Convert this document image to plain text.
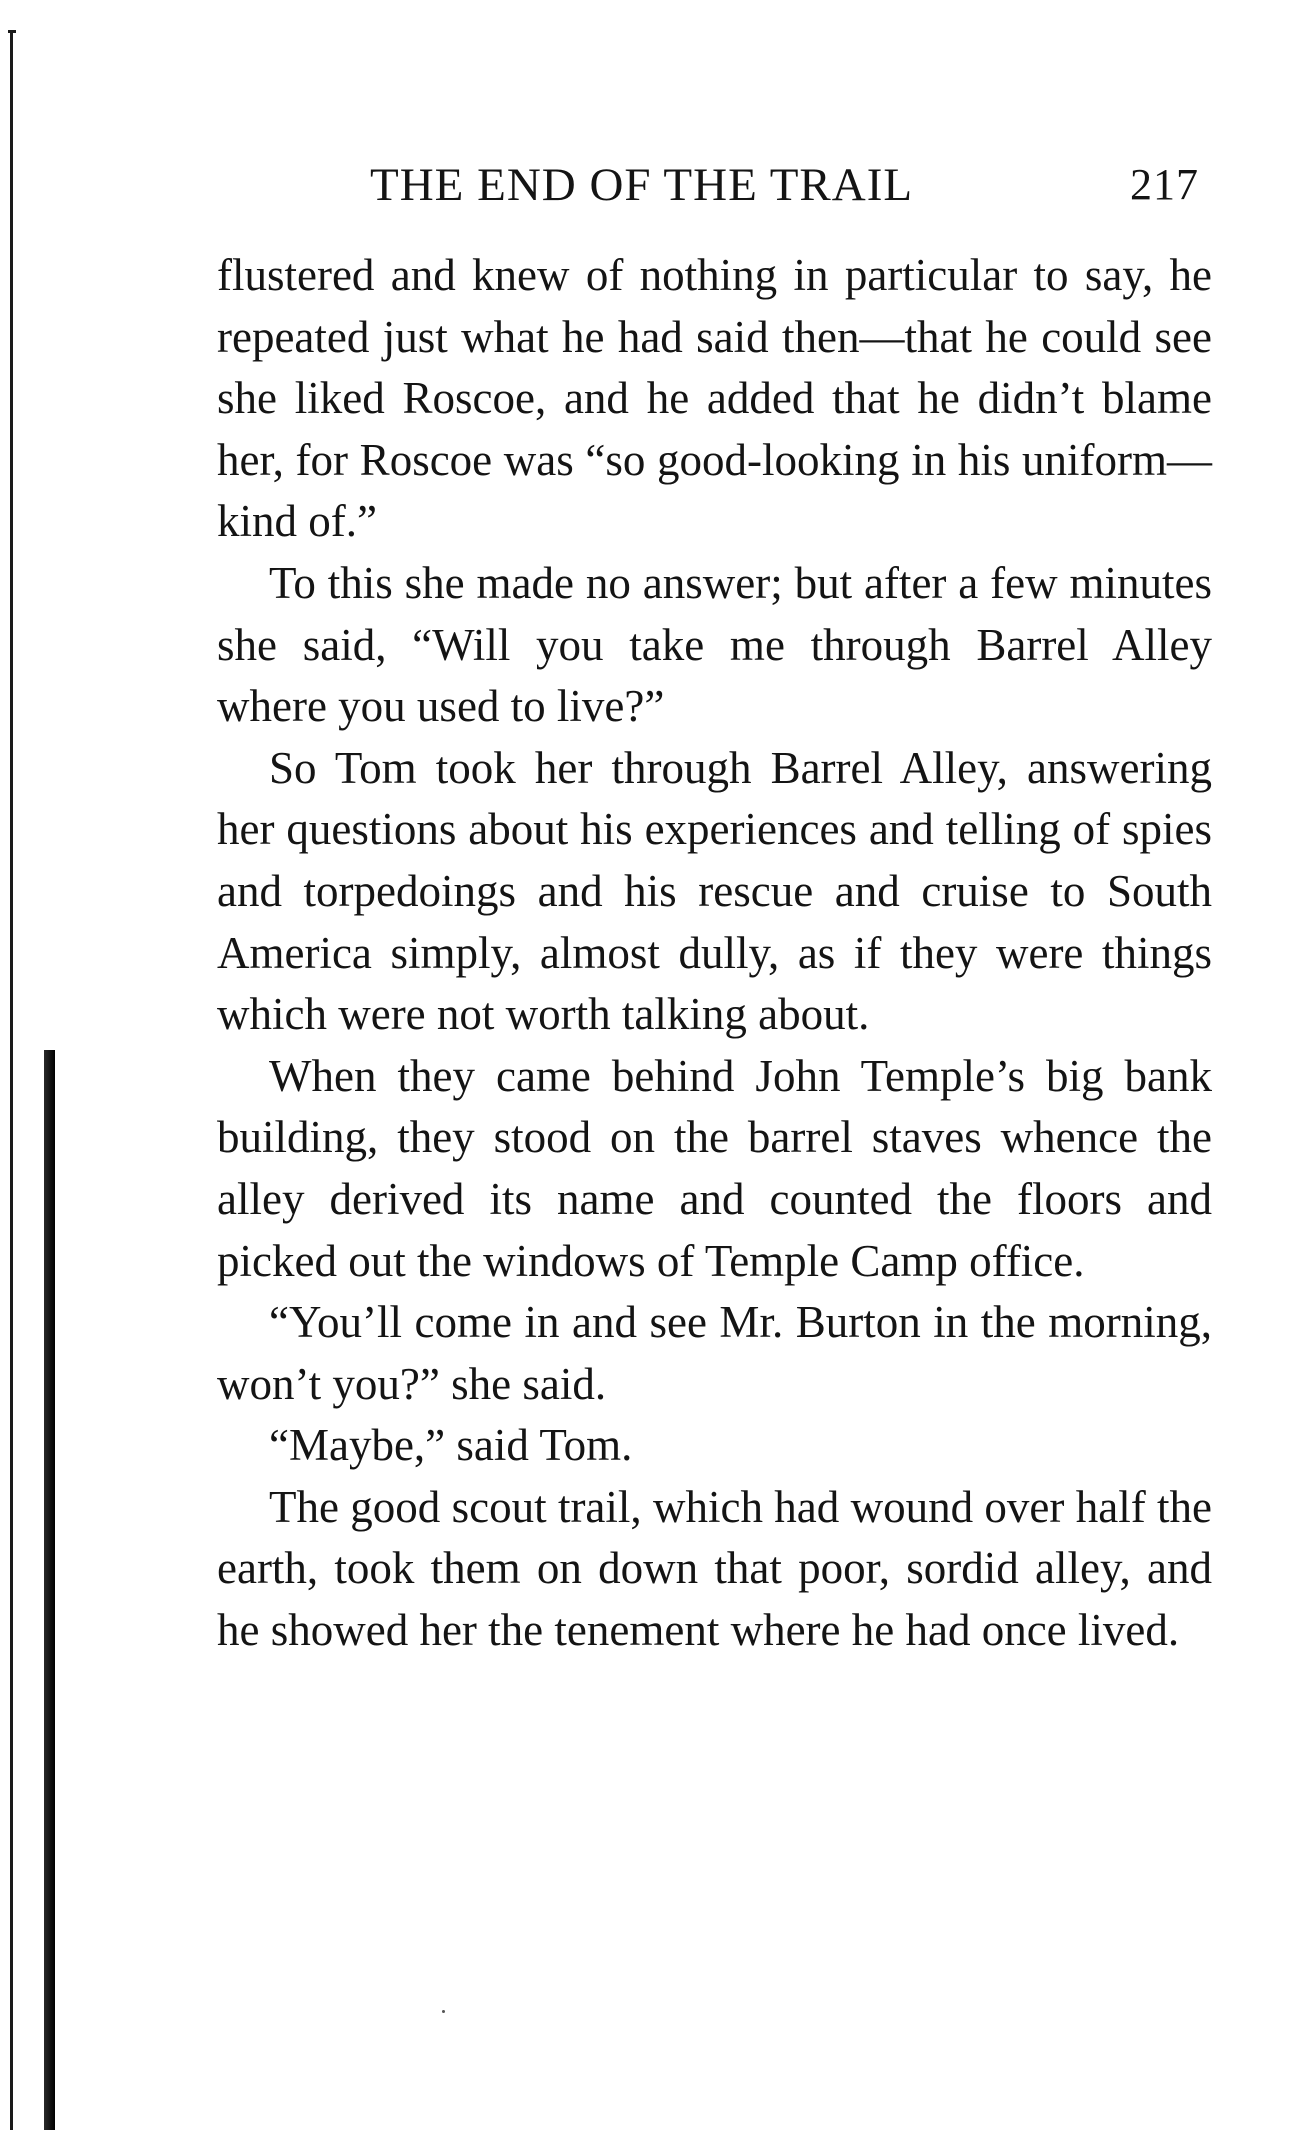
THE END OF THE TRAIL	217

flustered and knew of nothing in particular to say, he repeated just what he had said then—that he could see she liked Roscoe, and he added that he didn’t blame her, for Roscoe was “so good-looking in his uniform—kind of.”

To this she made no answer; but after a few minutes she said, “Will you take me through Barrel Alley where you used to live?”

So Tom took her through Barrel Alley, answering her questions about his experiences and telling of spies and torpedoings and his rescue and cruise to South America simply, almost dully, as if they were things which were not worth talking about.

When they came behind John Temple’s big bank building, they stood on the barrel staves whence the alley derived its name and counted the floors and picked out the windows of Temple Camp office.

“You’ll come in and see Mr. Burton in the morning, won’t you?” she said.

“Maybe,” said Tom.

The good scout trail, which had wound over half the earth, took them on down that poor, sordid alley, and he showed her the tenement where he had once lived.
